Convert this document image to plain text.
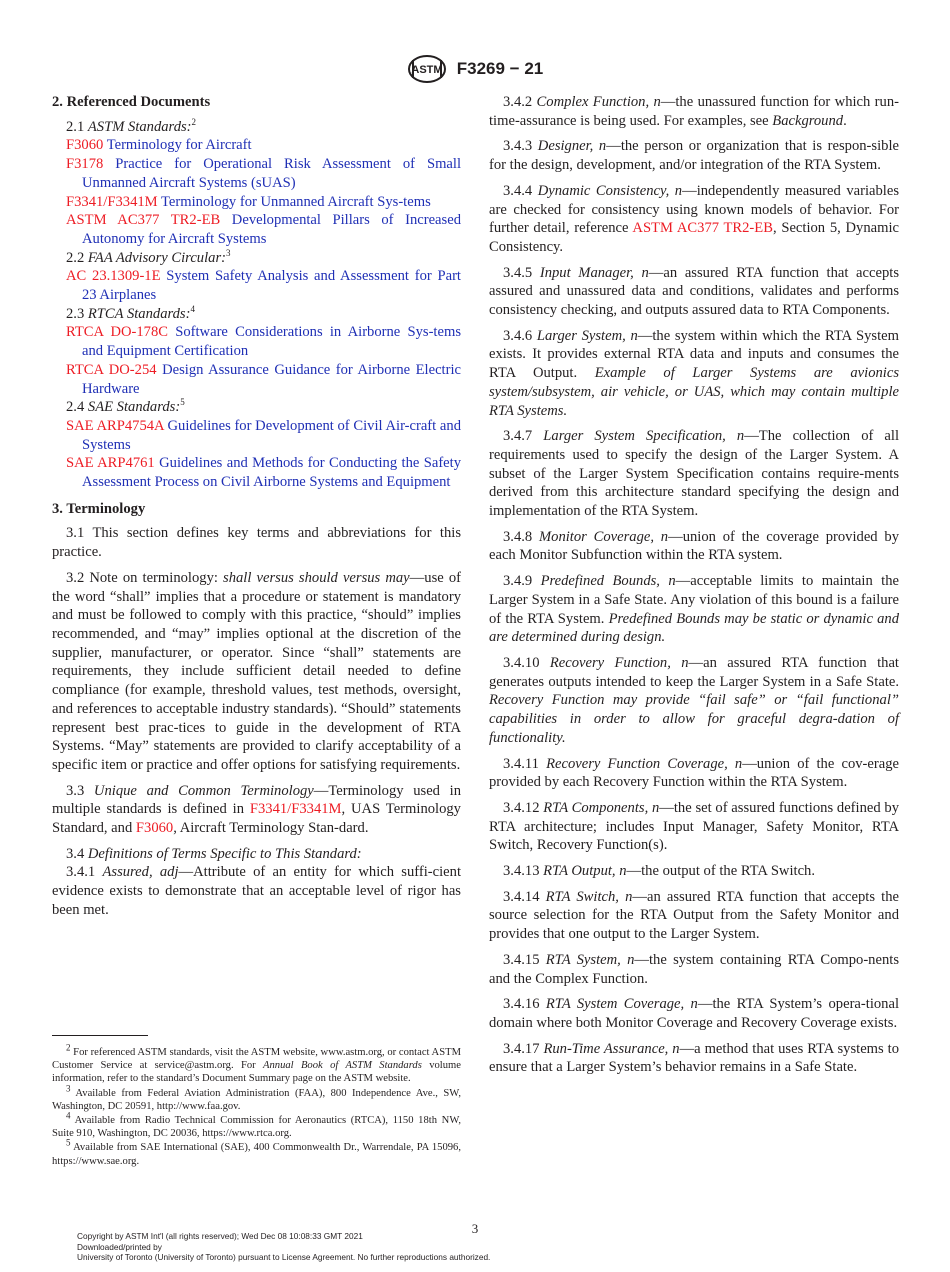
ASTM F3269 − 21
2. Referenced Documents
2.1 ASTM Standards:$^2$
F3060 Terminology for Aircraft
F3178 Practice for Operational Risk Assessment of Small Unmanned Aircraft Systems (sUAS)
F3341/F3341M Terminology for Unmanned Aircraft Sys-tems
ASTM AC377 TR2-EB Developmental Pillars of Increased Autonomy for Aircraft Systems
2.2 FAA Advisory Circular:$^3$
AC 23.1309-1E System Safety Analysis and Assessment for Part 23 Airplanes
2.3 RTCA Standards:$^4$
RTCA DO-178C Software Considerations in Airborne Sys-tems and Equipment Certification
RTCA DO-254 Design Assurance Guidance for Airborne Electric Hardware
2.4 SAE Standards:$^5$
SAE ARP4754A Guidelines for Development of Civil Air-craft and Systems
SAE ARP4761 Guidelines and Methods for Conducting the Safety Assessment Process on Civil Airborne Systems and Equipment
3. Terminology

3.1 This section defines key terms and abbreviations for this practice.

3.2 Note on terminology: shall versus should versus may—use of the word “shall” implies that a procedure or statement is mandatory and must be followed to comply with this practice, “should” implies recommended, and “may” implies optional at the discretion of the supplier, manufacturer, or operator. Since “shall” statements are requirements, they include sufficient detail needed to define compliance (for example, threshold values, test methods, oversight, and references to acceptable industry standards). “Should” statements represent best prac-tices to guide in the development of RTA Systems. “May” statements are provided to clarify acceptability of a specific item or practice and offer options for satisfying requirements.

3.3 Unique and Common Terminology—Terminology used in multiple standards is defined in F3341/F3341M, UAS Terminology Standard, and F3060, Aircraft Terminology Stan-dard.

3.4 Definitions of Terms Specific to This Standard:

3.4.1 Assured, adj—Attribute of an entity for which suffi-cient evidence exists to demonstrate that an acceptable level of rigor has been met.

$^2$ For referenced ASTM standards, visit the ASTM website, www.astm.org, or contact ASTM Customer Service at service@astm.org. For Annual Book of ASTM Standards volume information, refer to the standard’s Document Summary page on the ASTM website.

$^3$ Available from Federal Aviation Administration (FAA), 800 Independence Ave., SW, Washington, DC 20591, http://www.faa.gov.

$^4$ Available from Radio Technical Commission for Aeronautics (RTCA), 1150 18th NW, Suite 910, Washington, DC 20036, https://www.rtca.org.

$^5$ Available from SAE International (SAE), 400 Commonwealth Dr., Warrendale, PA 15096, https://www.sae.org.

3.4.2 Complex Function, n—the unassured function for which run-time-assurance is being used. For examples, see Background.

3.4.3 Designer, n—the person or organization that is respon-sible for the design, development, and/or integration of the RTA System.

3.4.4 Dynamic Consistency, n—independently measured variables are checked for consistency using known models of behavior. For further detail, reference ASTM AC377 TR2-EB, Section 5, Dynamic Consistency.

3.4.5 Input Manager, n—an assured RTA function that accepts assured and unassured data and conditions, validates and performs consistency checking, and outputs assured data to RTA Components.

3.4.6 Larger System, n—the system within which the RTA System exists. It provides external RTA data and inputs and consumes the RTA Output. Example of Larger Systems are avionics system/subsystem, air vehicle, or UAS, which may contain multiple RTA Systems.

3.4.7 Larger System Specification, n—The collection of all requirements used to specify the design of the Larger System. A subset of the Larger System Specification contains require-ments derived from this architecture standard specifying the design and implementation of the RTA System.

3.4.8 Monitor Coverage, n—union of the coverage provided by each Monitor Subfunction within the RTA system.

3.4.9 Predefined Bounds, n—acceptable limits to maintain the Larger System in a Safe State. Any violation of this bound is a failure of the RTA System. Predefined Bounds may be static or dynamic and are determined during design.

3.4.10 Recovery Function, n—an assured RTA function that generates outputs intended to keep the Larger System in a Safe State. Recovery Function may provide “fail safe” or “fail functional” capabilities in order to allow for graceful degra-dation of functionality.

3.4.11 Recovery Function Coverage, n—union of the cov-erage provided by each Recovery Function within the RTA System.

3.4.12 RTA Components, n—the set of assured functions defined by RTA architecture; includes Input Manager, Safety Monitor, RTA Switch, Recovery Function(s).

3.4.13 RTA Output, n—the output of the RTA Switch.

3.4.14 RTA Switch, n—an assured RTA function that accepts the source selection for the RTA Output from the Safety Monitor and provides that one output to the Larger System.

3.4.15 RTA System, n—the system containing RTA Compo-nents and the Complex Function.

3.4.16 RTA System Coverage, n—the RTA System’s opera-tional domain where both Monitor Coverage and Recovery Coverage exists.

3.4.17 Run-Time Assurance, n—a method that uses RTA systems to ensure that a Larger System’s behavior remains in a Safe State.

3
Copyright by ASTM Int'l (all rights reserved); Wed Dec 08 10:08:33 GMT 2021
Downloaded/printed by
University of Toronto (University of Toronto) pursuant to License Agreement. No further reproductions authorized.
